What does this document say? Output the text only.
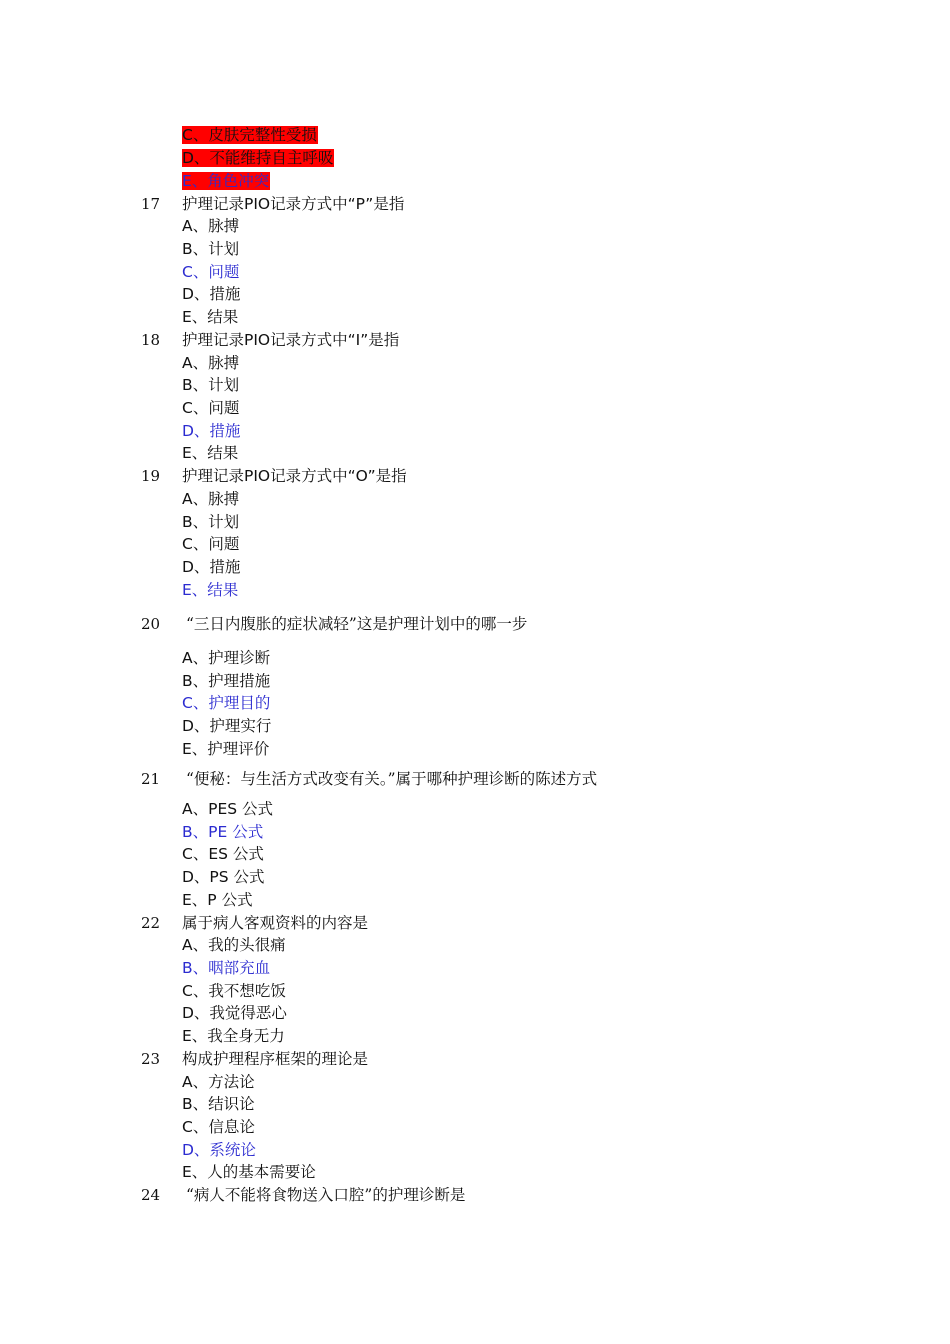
C、皮肤完整性受损
D、不能维持自主呼吸
E、角色冲突
17 护理记录PIO记录方式中“P”是指
A、脉搏
B、计划
C、问题
D、措施
E、结果
18 护理记录PIO记录方式中“I”是指
A、脉搏
B、计划
C、问题
D、措施
E、结果
19 护理记录PIO记录方式中“O”是指
A、脉搏
B、计划
C、问题
D、措施
E、结果
20 “三日内腹胀的症状减轻”这是护理计划中的哪一步
A、护理诊断
B、护理措施
C、护理目的
D、护理实行
E、护理评价
21 “便秘：与生活方式改变有关。”属于哪种护理诊断的陈述方式
A、PES 公式
B、PE 公式
C、ES 公式
D、PS 公式
E、P 公式
22 属于病人客观资料的内容是
A、我的头很痛
B、咽部充血
C、我不想吃饭
D、我觉得恶心
E、我全身无力
23 构成护理程序框架的理论是
A、方法论
B、结识论
C、信息论
D、系统论
E、人的基本需要论
24 “病人不能将食物送入口腔”的护理诊断是
